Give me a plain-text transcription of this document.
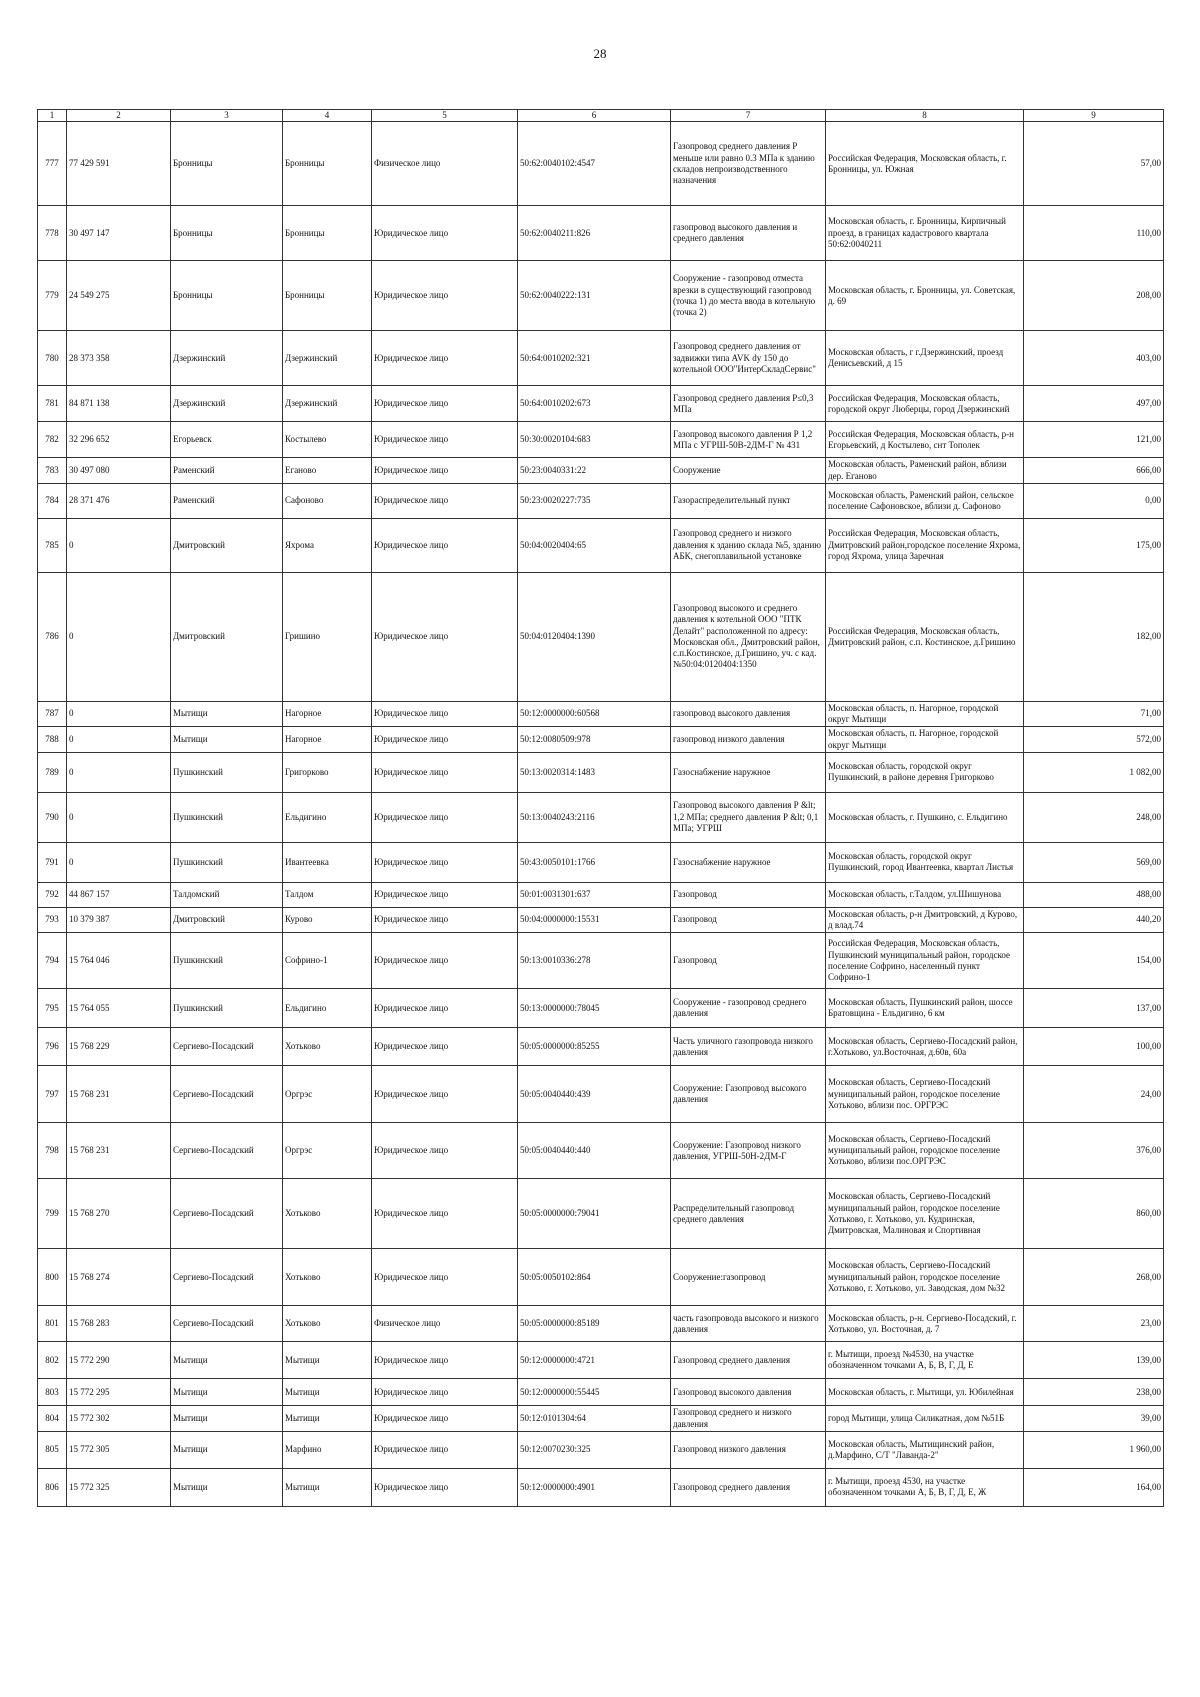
28
1	2	3	4	5	6	7	8	9
777	77 429 591	Бронницы	Бронницы	Физическое лицо	50:62:0040102:4547	Газопровод среднего давления Р меньше или равно 0.3 МПа к зданию складов непроизводственного назначения	Российская Федерация, Московская область, г. Бронницы, ул. Южная	57,00
778	30 497 147	Бронницы	Бронницы	Юридическое лицо	50:62:0040211:826	газопровод высокого давления и среднего давления	Московская область, г. Бронницы, Кирпичный проезд, в границах кадастрового квартала 50:62:0040211	110,00
779	24 549 275	Бронницы	Бронницы	Юридическое лицо	50:62:0040222:131	Сооружение - газопровод отместа врезки в существующий газопровод (точка 1) до места ввода в котельную (точка 2)	Московская область, г. Бронницы, ул. Советская, д. 69	208,00
780	28 373 358	Дзержинский	Дзержинский	Юридическое лицо	50:64:0010202:321	Газопровод среднего давления от задвижки типа AVK dy 150 до котельной ООО"ИнтерСкладСервис"	Московская область, г г.Дзержинский, проезд Денисьевский, д 15	403,00
781	84 871 138	Дзержинский	Дзержинский	Юридическое лицо	50:64:0010202:673	Газопровод среднего давления Р≤0,3 МПа	Российская Федерация, Московская область, городской округ Люберцы, город Дзержинский	497,00
782	32 296 652	Егорьевск	Костылево	Юридическое лицо	50:30:0020104:683	Газопровод высокого давления Р 1,2 МПа с УГРШ-50В-2ДМ-Г № 431	Российская Федерация, Московская область, р-н Егорьевский, д Костылево, снт Тополек	121,00
783	30 497 080	Раменский	Еганово	Юридическое лицо	50:23:0040331:22	Сооружение	Московская область, Раменский район, вблизи дер. Еганово	666,00
784	28 371 476	Раменский	Сафоново	Юридическое лицо	50:23:0020227:735	Газораспределительный пункт	Московская область, Раменский район, сельское поселение Сафоновское, вблизи д. Сафоново	0,00
785	0	Дмитровский	Яхрома	Юридическое лицо	50:04:0020404:65	Газопровод среднего и низкого давления к зданию склада №5, зданию АБК, снегоплавильной установке	Российская Федерация, Московская область, Дмитровский район,городское поселение Яхрома, город Яхрома, улица Заречная	175,00
786	0	Дмитровский	Гришино	Юридическое лицо	50:04:0120404:1390	Газопровод высокого и среднего давления к котельной ООО "ПТК Делайт" расположенной по адресу: Московская обл., Дмитровский район, с.п.Костинское, д.Гришино, уч. с кад.№50:04:0120404:1350	Российская Федерация, Московская область, Дмитровский район, с.п. Костинское, д.Гришино	182,00
787	0	Мытищи	Нагорное	Юридическое лицо	50:12:0000000:60568	газопровод высокого давления	Московская область, п. Нагорное, городской округ Мытищи	71,00
788	0	Мытищи	Нагорное	Юридическое лицо	50:12:0080509:978	газопровод низкого давления	Московская область, п. Нагорное, городской округ Мытищи	572,00
789	0	Пушкинский	Григорково	Юридическое лицо	50:13:0020314:1483	Газоснабжение наружное	Московская область, городской округ Пушкинский, в районе деревня Григорково	1 082,00
790	0	Пушкинский	Ельдигино	Юридическое лицо	50:13:0040243:2116	Газопровод высокого давления Р &lt; 1,2 МПа; среднего давления Р &lt; 0,1 МПа; УГРШ	Московская область, г. Пушкино, с. Ельдигино	248,00
791	0	Пушкинский	Ивантеевка	Юридическое лицо	50:43:0050101:1766	Газоснабжение наружное	Московская область, городской округ Пушкинский, город Ивантеевка, квартал Листья	569,00
792	44 867 157	Талдомский	Талдом	Юридическое лицо	50:01:0031301:637	Газопровод	Московская область, г.Талдом, ул.Шишунова	488,00
793	10 379 387	Дмитровский	Курово	Юридическое лицо	50:04:0000000:15531	Газопровод	Московская область, р-н Дмитровский, д Курово, д влад.74	440,20
794	15 764 046	Пушкинский	Софрино-1	Юридическое лицо	50:13:0010336:278	Газопровод	Российская Федерация, Московская область, Пушкинский муниципальный район, городское поселение Софрино, населенный пункт Софрино-1	154,00
795	15 764 055	Пушкинский	Ельдигино	Юридическое лицо	50:13:0000000:78045	Сооружение - газопровод среднего давления	Московская область, Пушкинский район, шоссе Братовщина - Ельдигино, 6 км	137,00
796	15 768 229	Сергиево-Посадский	Хотьково	Юридическое лицо	50:05:0000000:85255	Часть уличного газопровода низкого давления	Московская область, Сергиево-Посадский район, г.Хотьково, ул.Восточная, д.60в, 60а	100,00
797	15 768 231	Сергиево-Посадский	Оргрэс	Юридическое лицо	50:05:0040440:439	Сооружение: Газопровод высокого давления	Московская область, Сергиево-Посадский муниципальный район, городское поселение Хотьково, вблизи пос. ОРГРЭС	24,00
798	15 768 231	Сергиево-Посадский	Оргрэс	Юридическое лицо	50:05:0040440:440	Сооружение: Газопровод низкого давления, УГРШ-50Н-2ДМ-Г	Московская область, Сергиево-Посадский муниципальный район, городское поселение Хотьково, вблизи пос.ОРГРЭС	376,00
799	15 768 270	Сергиево-Посадский	Хотьково	Юридическое лицо	50:05:0000000:79041	Распределительный газопровод среднего давления	Московская область, Сергиево-Посадский муниципальный район, городское поселение Хотьково, г. Хотьково, ул. Кудринская, Дмитровская, Малиновая и Спортивная	860,00
800	15 768 274	Сергиево-Посадский	Хотьково	Юридическое лицо	50:05:0050102:864	Сооружение:газопровод	Московская область, Сергиево-Посадский муниципальный район, городское поселение Хотьково, г. Хотьково, ул. Заводская, дом №32	268,00
801	15 768 283	Сергиево-Посадский	Хотьково	Физическое лицо	50:05:0000000:85189	часть газопровода высокого и низкого давления	Московская область, р-н. Сергиево-Посадский, г. Хотьково, ул. Восточная, д. 7	23,00
802	15 772 290	Мытищи	Мытищи	Юридическое лицо	50:12:0000000:4721	Газопровод среднего давления	г. Мытищи, проезд №4530, на участке обозначенном точками А, Б, В, Г, Д, Е	139,00
803	15 772 295	Мытищи	Мытищи	Юридическое лицо	50:12:0000000:55445	Газопровод высокого давления	Московская область, г. Мытищи, ул. Юбилейная	238,00
804	15 772 302	Мытищи	Мытищи	Юридическое лицо	50:12:0101304:64	Газопровод среднего и низкого давления	город Мытищи, улица Силикатная, дом №51Б	39,00
805	15 772 305	Мытищи	Марфино	Юридическое лицо	50:12:0070230:325	Газопровод низкого давления	Московская область, Мытищинский район, д.Марфино, С/Т "Лаванда-2"	1 960,00
806	15 772 325	Мытищи	Мытищи	Юридическое лицо	50:12:0000000:4901	Газопровод среднего давления	г. Мытищи, проезд 4530, на участке обозначенном точками А, Б, В, Г, Д, Е, Ж	164,00
